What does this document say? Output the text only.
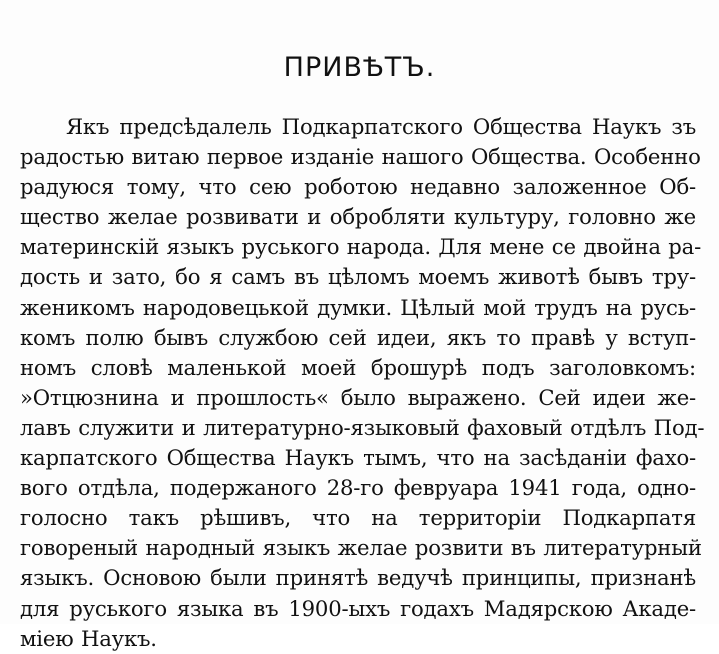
ПРИВѢТЪ.
Якъ предсѣдалель Подкарпатского Общества Наукъ зъ
радостью витаю первое изданіе нашого Общества. Особенно
радуюся тому, что сею роботою недавно заложенное Об-
щество желае розвивати и обробляти культуру, головно же
материнскій языкъ руського народа. Для мене се двойна ра-
дость и зато, бо я самъ въ цѣломъ моемъ животѣ бывъ тру-
женикомъ народовецькой думки. Цѣлый мой трудъ на русь-
комъ полю бывъ службою сей идеи, якъ то правѣ у вступ-
номъ словѣ маленькой моей брошурѣ подъ заголовкомъ:
»Отцюзнина и прошлость« было выражено. Сей идеи же-
лавъ служити и литературно-языковый фаховый отдѣлъ Под-
карпатского Общества Наукъ тымъ, что на засѣданіи фахо-
вого отдѣла, подержаного 28-го февруара 1941 года, одно-
голосно такъ рѣшивъ, что на территоріи Подкарпатя
говореный народный языкъ желае розвити въ литературный
языкъ. Основою были принятѣ ведучѣ принципы, признанѣ
для руського языка въ 1900-ыхъ годахъ Мадярскою Акаде-
міею Наукъ.
